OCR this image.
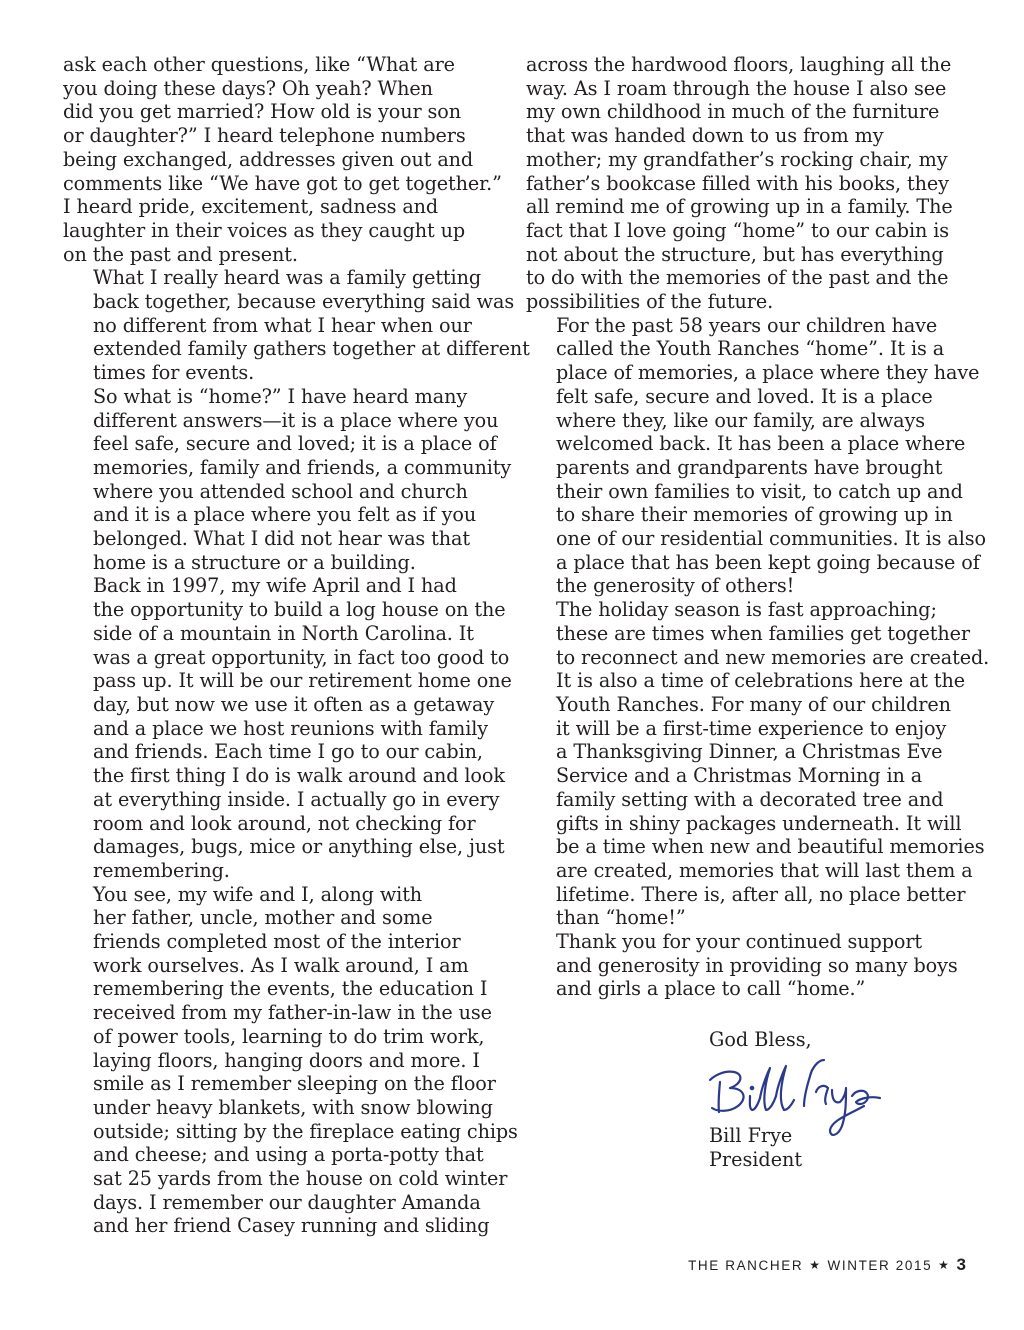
ask each other questions, like “What are
you doing these days? Oh yeah? When
did you get married? How old is your son
or daughter?” I heard telephone numbers
being exchanged, addresses given out and
comments like “We have got to get together.”
I heard pride, excitement, sadness and
laughter in their voices as they caught up
on the past and present.

What I really heard was a family getting
back together, because everything said was
no different from what I hear when our
extended family gathers together at different
times for events.

So what is “home?” I have heard many
different answers—it is a place where you
feel safe, secure and loved; it is a place of
memories, family and friends, a community
where you attended school and church
and it is a place where you felt as if you
belonged. What I did not hear was that
home is a structure or a building.

Back in 1997, my wife April and I had
the opportunity to build a log house on the
side of a mountain in North Carolina. It
was a great opportunity, in fact too good to
pass up. It will be our retirement home one
day, but now we use it often as a getaway
and a place we host reunions with family
and friends. Each time I go to our cabin,
the first thing I do is walk around and look
at everything inside. I actually go in every
room and look around, not checking for
damages, bugs, mice or anything else, just
remembering.

You see, my wife and I, along with
her father, uncle, mother and some
friends completed most of the interior
work ourselves. As I walk around, I am
remembering the events, the education I
received from my father-in-law in the use
of power tools, learning to do trim work,
laying floors, hanging doors and more. I
smile as I remember sleeping on the floor
under heavy blankets, with snow blowing
outside; sitting by the fireplace eating chips
and cheese; and using a porta-potty that
sat 25 yards from the house on cold winter
days. I remember our daughter Amanda
and her friend Casey running and sliding

across the hardwood floors, laughing all the
way. As I roam through the house I also see
my own childhood in much of the furniture
that was handed down to us from my
mother; my grandfather’s rocking chair, my
father’s bookcase filled with his books, they
all remind me of growing up in a family. The
fact that I love going “home” to our cabin is
not about the structure, but has everything
to do with the memories of the past and the
possibilities of the future.

For the past 58 years our children have
called the Youth Ranches “home”. It is a
place of memories, a place where they have
felt safe, secure and loved. It is a place
where they, like our family, are always
welcomed back. It has been a place where
parents and grandparents have brought
their own families to visit, to catch up and
to share their memories of growing up in
one of our residential communities. It is also
a place that has been kept going because of
the generosity of others!

The holiday season is fast approaching;
these are times when families get together
to reconnect and new memories are created.
It is also a time of celebrations here at the
Youth Ranches. For many of our children
it will be a first-time experience to enjoy
a Thanksgiving Dinner, a Christmas Eve
Service and a Christmas Morning in a
family setting with a decorated tree and
gifts in shiny packages underneath. It will
be a time when new and beautiful memories
are created, memories that will last them a
lifetime. There is, after all, no place better
than “home!”

Thank you for your continued support
and generosity in providing so many boys
and girls a place to call “home.”

God Bless,
Bill Frye
President
THE RANCHER ★ WINTER 2015 ★ 3
